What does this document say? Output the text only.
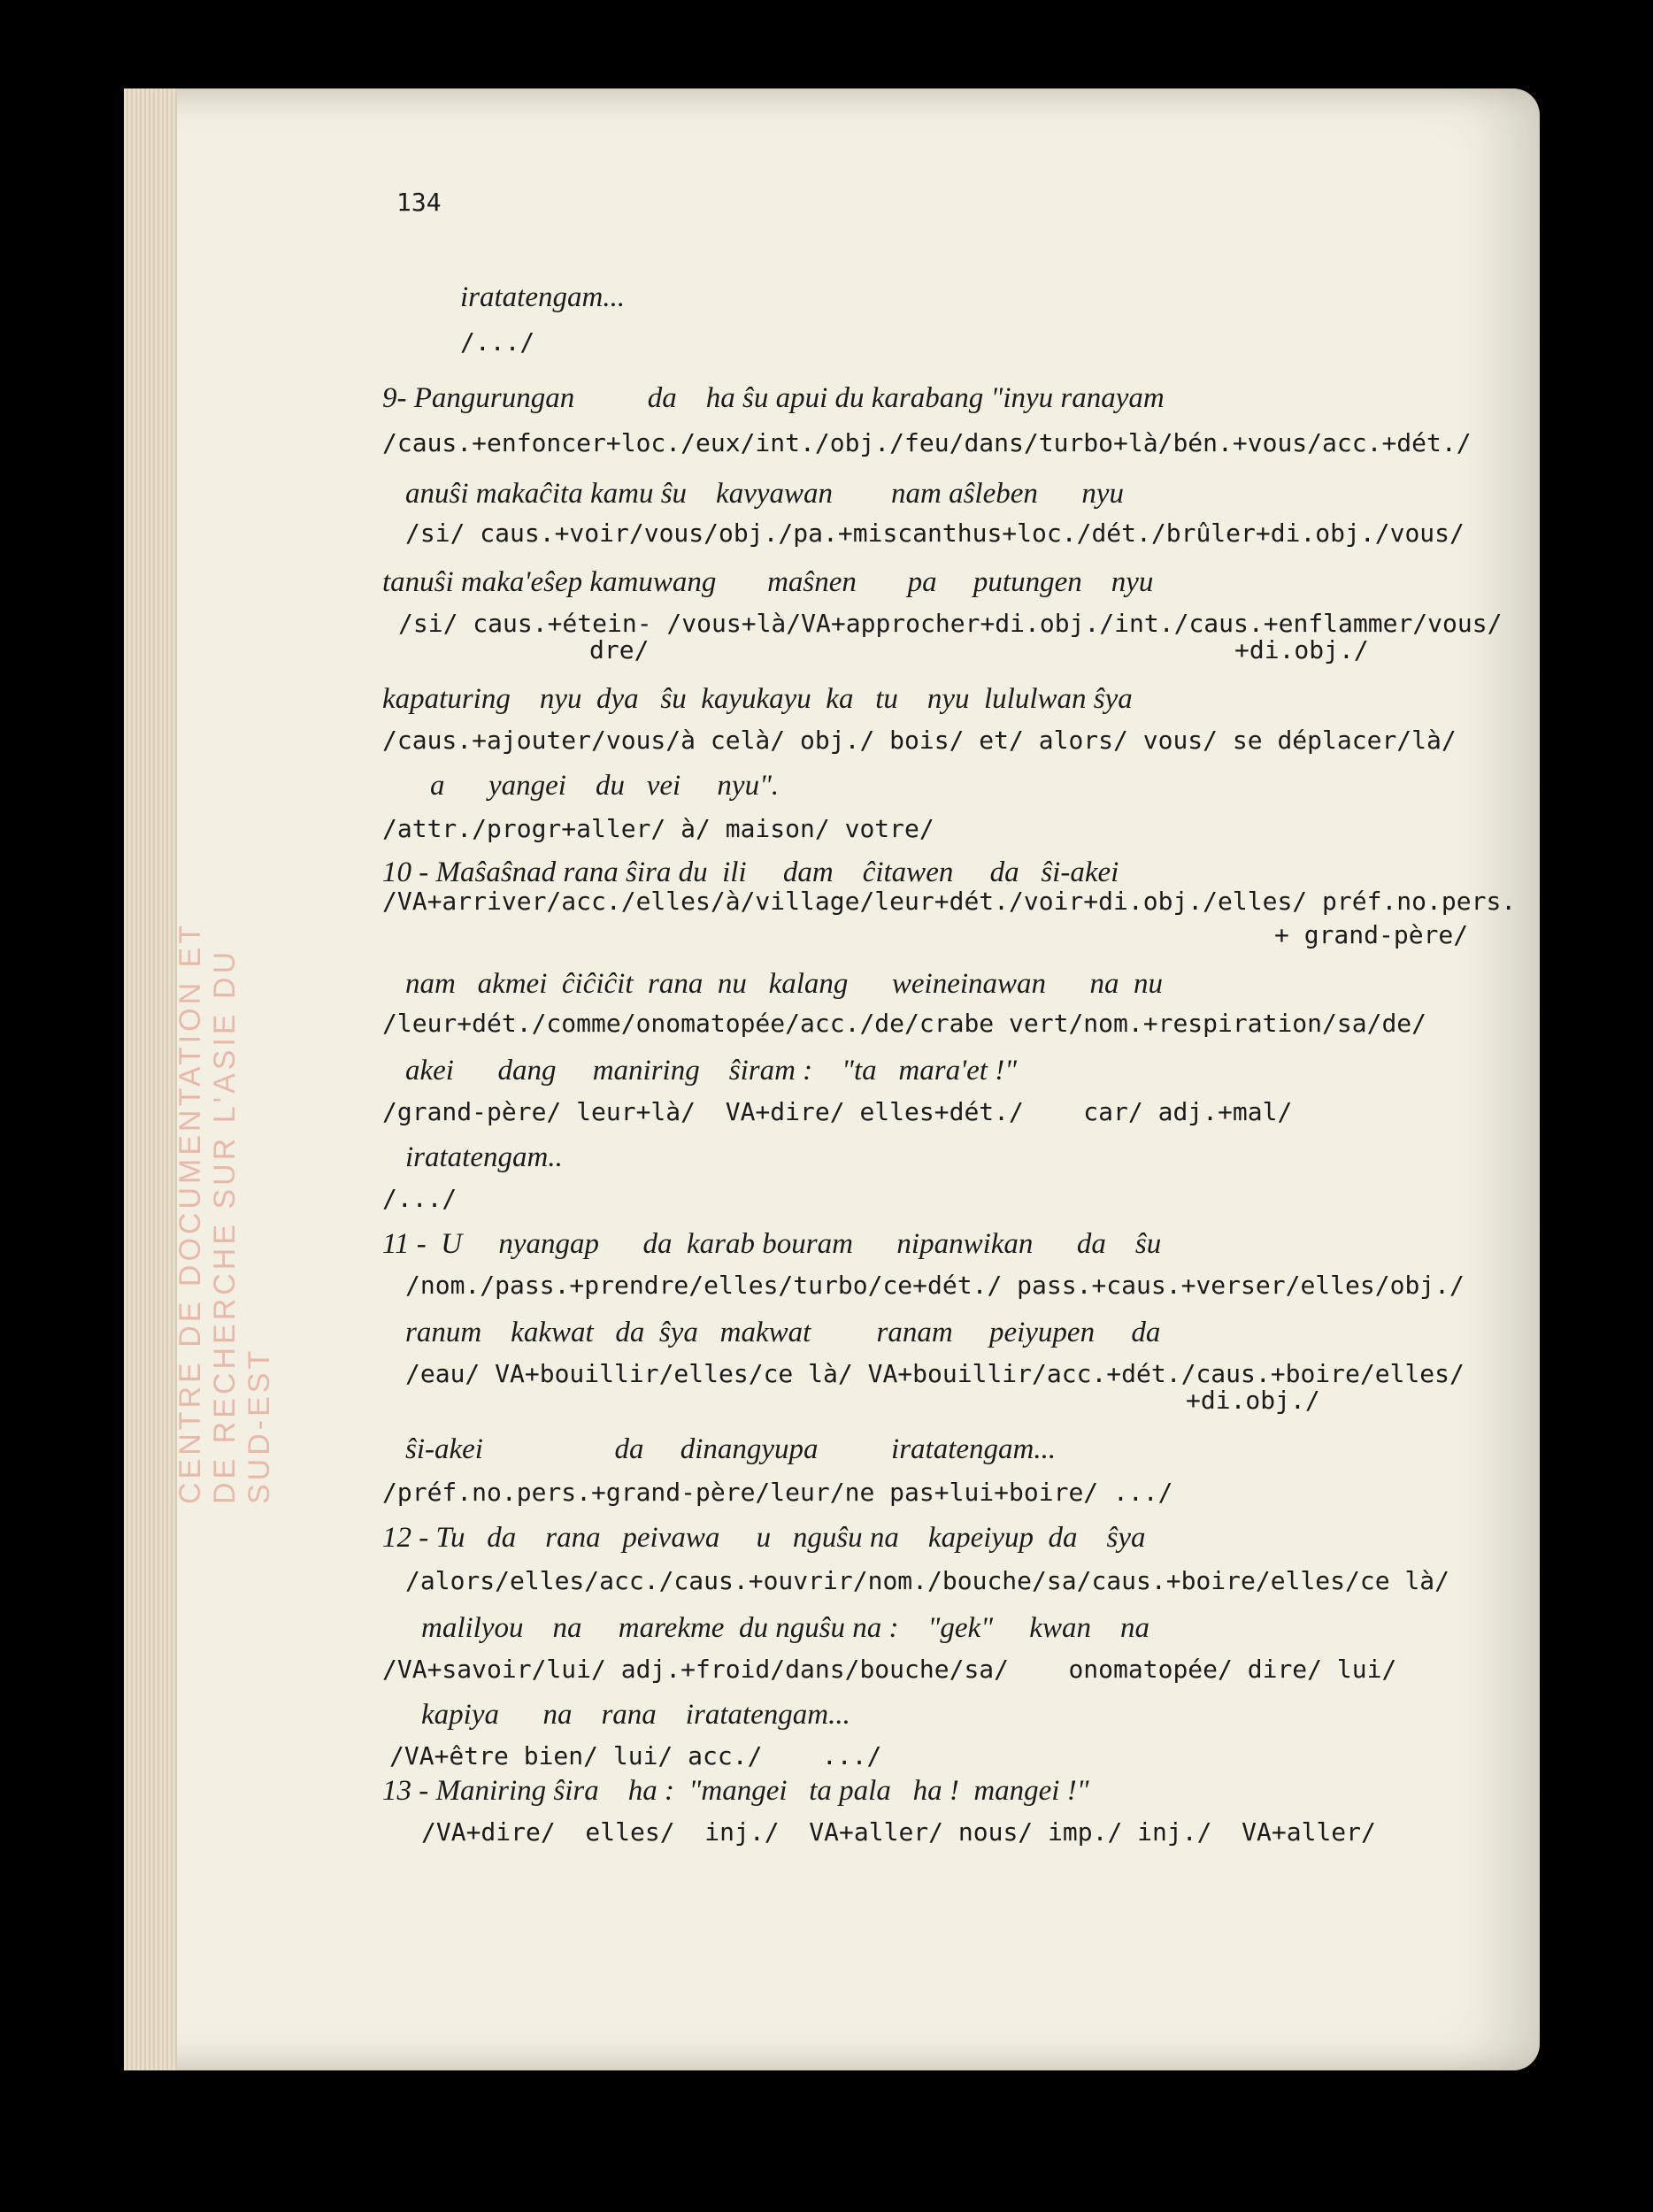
CENTRE DE DOCUMENTATION ET DE RECHERCHE SUR L'ASIE DU SUD-EST
134
iratatengam...
/.../
9- Pangurungan          da    ha ŝu apui du karabang "inyu ranayam
/caus.+enfoncer+loc./eux/int./obj./feu/dans/turbo+là/bén.+vous/acc.+dét./
anuŝi makaĉita kamu ŝu    kavyawan        nam aŝleben      nyu
/si/ caus.+voir/vous/obj./pa.+miscanthus+loc./dét./brûler+di.obj./vous/
tanuŝi maka'eŝep kamuwang       maŝnen       pa     putungen    nyu
/si/ caus.+étein- /vous+là/VA+approcher+di.obj./int./caus.+enflammer/vous/
dre/	+di.obj./
kapaturing    nyu  dya   ŝu  kayukayu  ka   tu    nyu  lululwan ŝya
/caus.+ajouter/vous/à celà/ obj./ bois/ et/ alors/ vous/ se déplacer/là/
a      yangei    du   vei     nyu".
/attr./progr+aller/ à/ maison/ votre/
10 - Maŝaŝnad rana ŝira du  ili     dam    ĉitawen     da   ŝi-akei
/VA+arriver/acc./elles/à/village/leur+dét./voir+di.obj./elles/ préf.no.pers.
+ grand-père/
nam   akmei  ĉiĉiĉit  rana  nu   kalang      weineinawan      na  nu
/leur+dét./comme/onomatopée/acc./de/crabe vert/nom.+respiration/sa/de/
akei      dang     maniring    ŝiram :    "ta   mara'et !"
/grand-père/ leur+là/  VA+dire/ elles+dét./    car/ adj.+mal/
iratatengam..
/.../
11 -  U     nyangap      da  karab bouram      nipanwikan      da    ŝu
/nom./pass.+prendre/elles/turbo/ce+dét./ pass.+caus.+verser/elles/obj./
ranum    kakwat   da  ŝya   makwat         ranam     peiyupen     da
/eau/ VA+bouillir/elles/ce là/ VA+bouillir/acc.+dét./caus.+boire/elles/
+di.obj./
ŝi-akei                  da     dinangyupa          iratatengam...
/préf.no.pers.+grand-père/leur/ne pas+lui+boire/ .../
12 - Tu   da    rana   peivawa     u   nguŝu na    kapeiyup  da    ŝya
/alors/elles/acc./caus.+ouvrir/nom./bouche/sa/caus.+boire/elles/ce là/
malilyou    na     marekme  du nguŝu na :    "gek"     kwan    na
/VA+savoir/lui/ adj.+froid/dans/bouche/sa/    onomatopée/ dire/ lui/
kapiya      na    rana    iratatengam...
/VA+être bien/ lui/ acc./    .../
13 - Maniring ŝira    ha :  "mangei   ta pala   ha !  mangei !"
/VA+dire/  elles/  inj./  VA+aller/ nous/ imp./ inj./  VA+aller/
